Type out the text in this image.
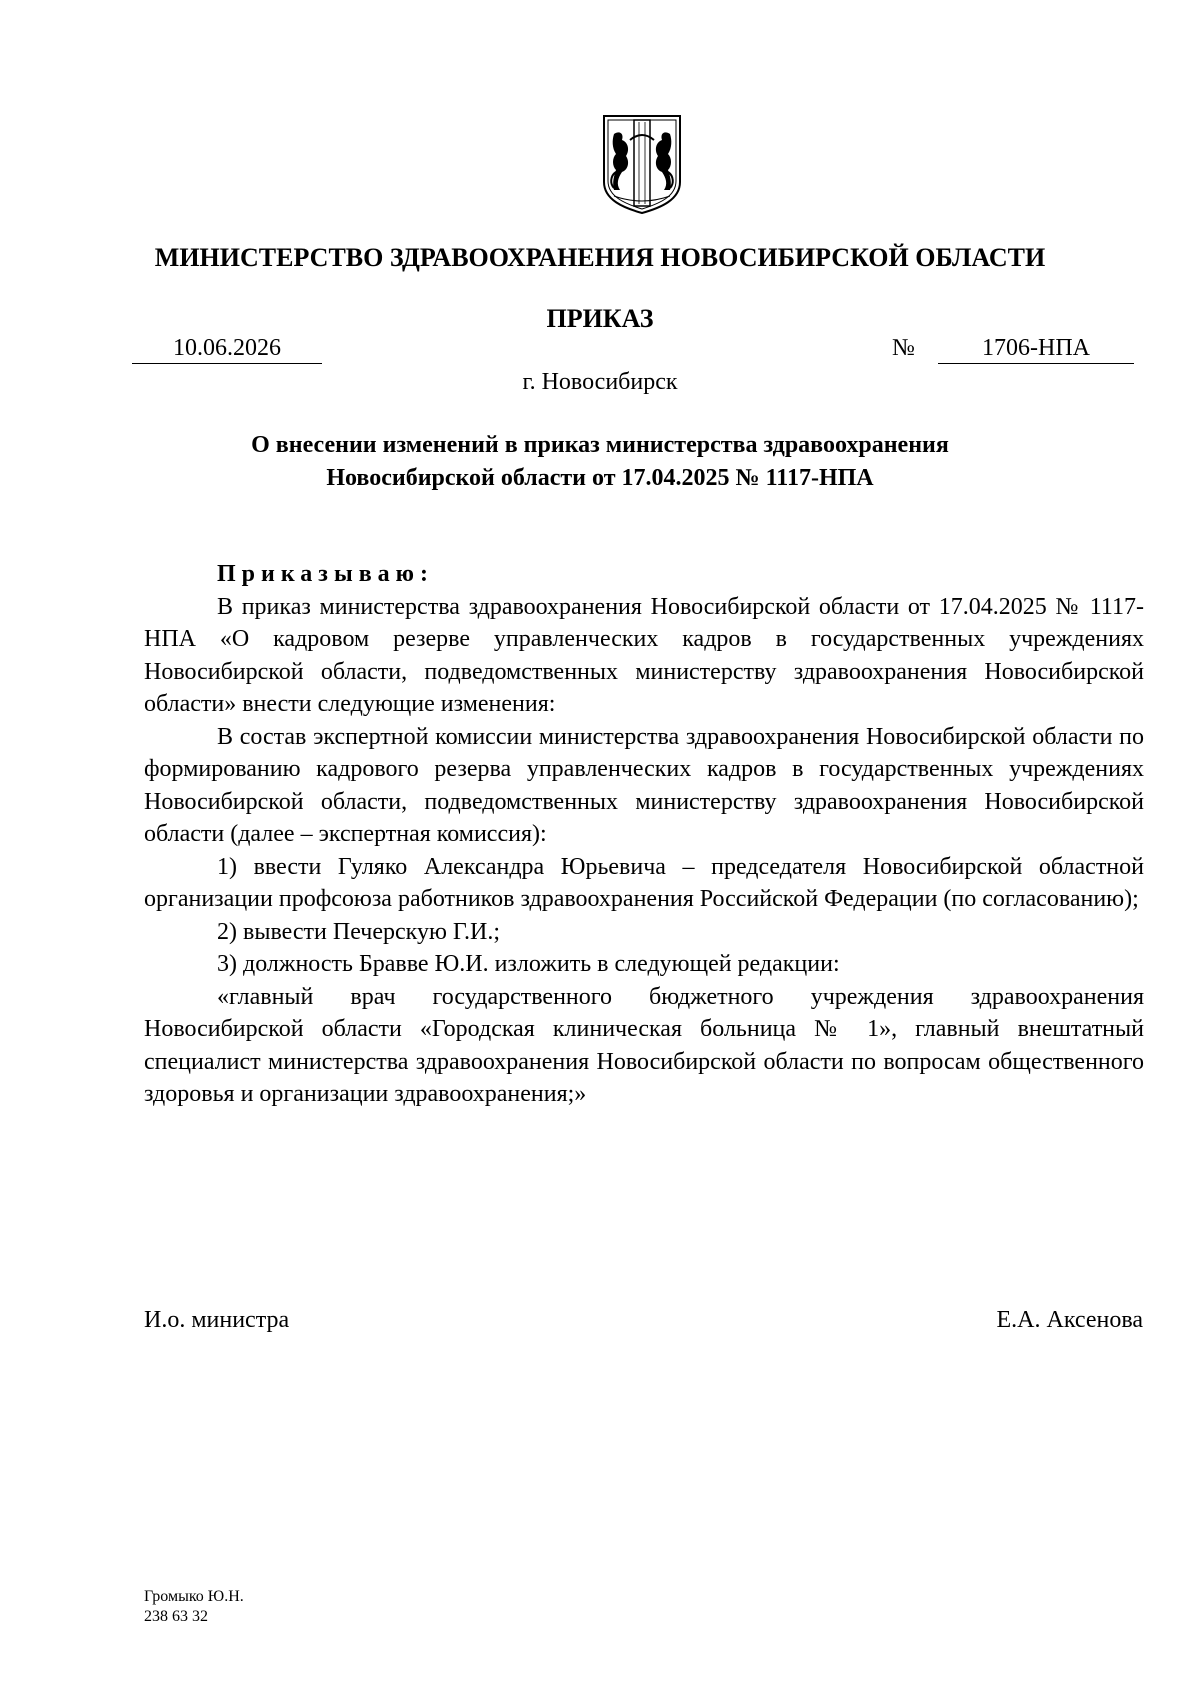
МИНИСТЕРСТВО ЗДРАВООХРАНЕНИЯ НОВОСИБИРСКОЙ ОБЛАСТИ
ПРИКАЗ
10.06.2026	№	1706-НПА
г. Новосибирск
О внесении изменений в приказ министерства здравоохранения
Новосибирской области от 17.04.2025 № 1117-НПА

Приказываю:

В приказ министерства здравоохранения Новосибирской области от 17.04.2025 № 1117-НПА «О кадровом резерве управленческих кадров в государственных учреждениях Новосибирской области, подведомственных министерству здравоохранения Новосибирской области» внести следующие изменения:

В состав экспертной комиссии министерства здравоохранения Новосибирской области по формированию кадрового резерва управленческих кадров в государственных учреждениях Новосибирской области, подведомственных министерству здравоохранения Новосибирской области (далее – экспертная комиссия):

1) ввести Гуляко Александра Юрьевича – председателя Новосибирской областной организации профсоюза работников здравоохранения Российской Федерации (по согласованию);

2) вывести Печерскую Г.И.;

3) должность Бравве Ю.И. изложить в следующей редакции:

«главный врач государственного бюджетного учреждения здравоохранения Новосибирской области «Городская клиническая больница № 1», главный внештатный специалист министерства здравоохранения Новосибирской области по вопросам общественного здоровья и организации здравоохранения;»

И.о. министра	Е.А. Аксенова
Громыко Ю.Н.
238 63 32
